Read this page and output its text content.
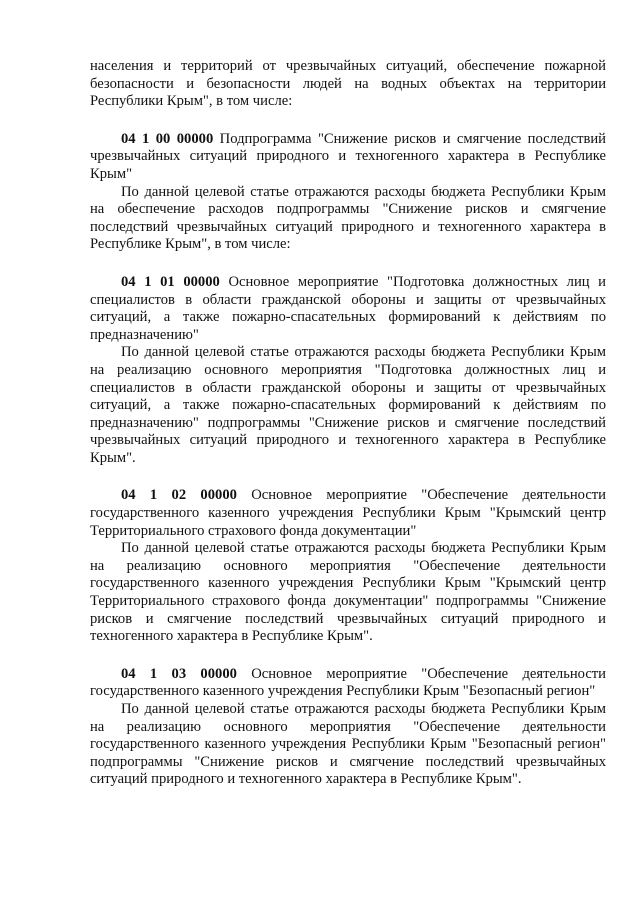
населения и территорий от чрезвычайных ситуаций, обеспечение пожарной безопасности и безопасности людей на водных объектах на территории Республики Крым", в том числе:

04 1 00 00000 Подпрограмма "Снижение рисков и смягчение последствий чрезвычайных ситуаций природного и техногенного характера в Республике Крым"

По данной целевой статье отражаются расходы бюджета Республики Крым на обеспечение расходов подпрограммы "Снижение рисков и смягчение последствий чрезвычайных ситуаций природного и техногенного характера в Республике Крым", в том числе:

04 1 01 00000 Основное мероприятие "Подготовка должностных лиц и специалистов в области гражданской обороны и защиты от чрезвычайных ситуаций, а также пожарно-спасательных формирований к действиям по предназначению"

По данной целевой статье отражаются расходы бюджета Республики Крым на реализацию основного мероприятия "Подготовка должностных лиц и специалистов в области гражданской обороны и защиты от чрезвычайных ситуаций, а также пожарно-спасательных формирований к действиям по предназначению" подпрограммы "Снижение рисков и смягчение последствий чрезвычайных ситуаций природного и техногенного характера в Республике Крым".

04 1 02 00000 Основное мероприятие "Обеспечение деятельности государственного казенного учреждения Республики Крым "Крымский центр Территориального страхового фонда документации"

По данной целевой статье отражаются расходы бюджета Республики Крым на реализацию основного мероприятия "Обеспечение деятельности государственного казенного учреждения Республики Крым "Крымский центр Территориального страхового фонда документации" подпрограммы "Снижение рисков и смягчение последствий чрезвычайных ситуаций природного и техногенного характера в Республике Крым".

04 1 03 00000 Основное мероприятие "Обеспечение деятельности государственного казенного учреждения Республики Крым "Безопасный регион"

По данной целевой статье отражаются расходы бюджета Республики Крым на реализацию основного мероприятия "Обеспечение деятельности государственного казенного учреждения Республики Крым "Безопасный регион" подпрограммы "Снижение рисков и смягчение последствий чрезвычайных ситуаций природного и техногенного характера в Республике Крым".
